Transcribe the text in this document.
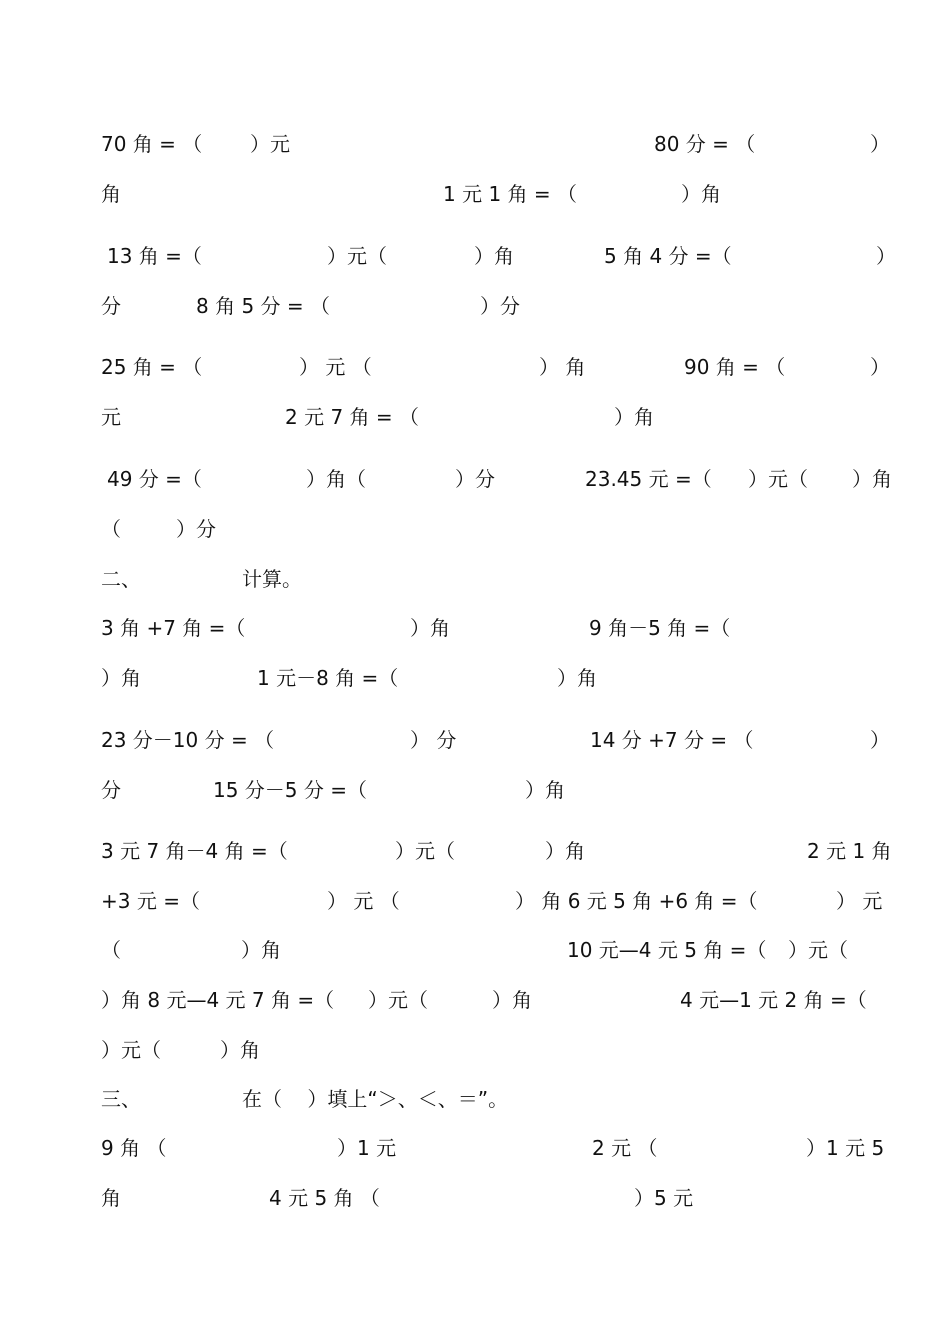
70 角 = （ ）元	80 分 = （	）
角	1 元 1 角 = （	）角
13 角 =（	）元（	）角	5 角 4 分 =（	）
分	8 角 5 分 = （	）分
25 角 = （	） 元 （	） 角	90 角 = （	）
元	2 元 7 角 = （	）角
49 分 =（	）角（	）分	23.45 元 =（ ）元（ ）角
（	）分
二、	计算。
3 角 +7 角 =（	）角	9 角－5 角 =（
）角	1 元－8 角 =（	）角
23 分－10 分 = （	） 分	14 分 +7 分 = （	）
分	15 分－5 分 =（	）角
3 元 7 角－4 角 =（	）元（	）角	2 元 1 角
+3 元 =（	） 元 （	） 角 6 元 5 角 +6 角 =（	） 元
（	）角	10 元—4 元 5 角 =（ ）元（
）角 8 元—4 元 7 角 =（ ）元（	）角	4 元—1 元 2 角 =（
）元（	）角
三、	在（    ）填上“＞、＜、＝”。
9 角 （	）1 元	2 元 （	）1 元 5
角	4 元 5 角 （	）5 元
